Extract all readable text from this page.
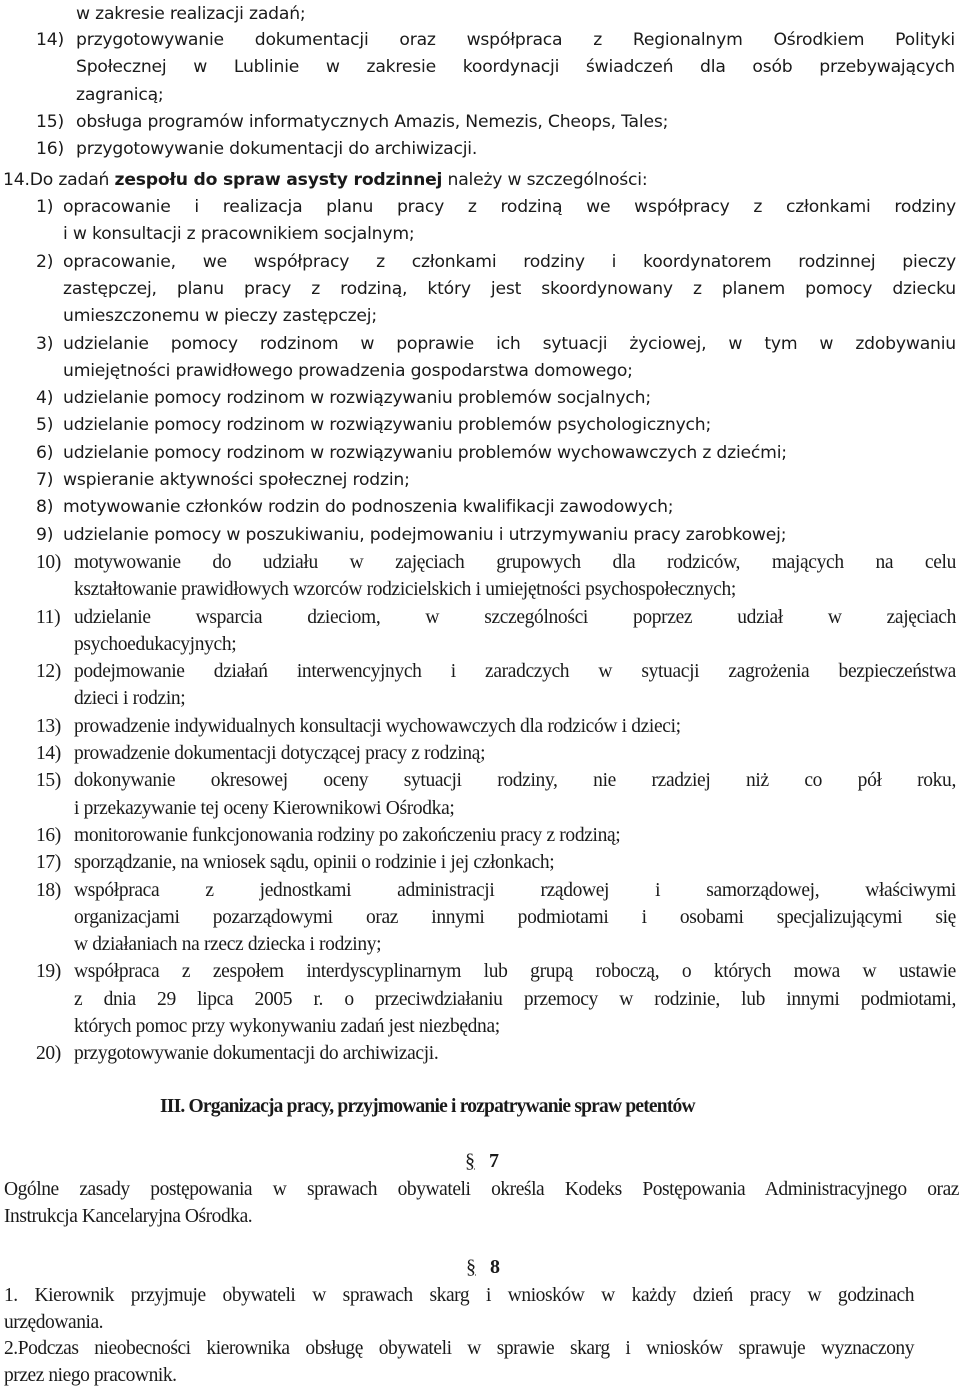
w zakresie realizacji zadań;
14) przygotowywanie dokumentacji oraz współpraca z Regionalnym Ośrodkiem Polityki
Społecznej w Lublinie w zakresie koordynacji świadczeń dla osób przebywających
zagranicą;
15) obsługa programów informatycznych Amazis, Nemezis, Cheops, Tales;
16) przygotowywanie dokumentacji do archiwizacji.
14.Do zadań zespołu do spraw asysty rodzinnej należy w szczególności:
1) opracowanie i realizacja planu pracy z rodziną we współpracy z członkami rodziny
i w konsultacji z pracownikiem socjalnym;
2) opracowanie, we współpracy z członkami rodziny i koordynatorem rodzinnej pieczy
zastępczej, planu pracy z rodziną, który jest skoordynowany z planem pomocy dziecku
umieszczonemu w pieczy zastępczej;
3) udzielanie pomocy rodzinom w poprawie ich sytuacji życiowej, w tym w zdobywaniu
umiejętności prawidłowego prowadzenia gospodarstwa domowego;
4) udzielanie pomocy rodzinom w rozwiązywaniu problemów socjalnych;
5) udzielanie pomocy rodzinom w rozwiązywaniu problemów psychologicznych;
6) udzielanie pomocy rodzinom w rozwiązywaniu problemów wychowawczych z dziećmi;
7) wspieranie aktywności społecznej rodzin;
8) motywowanie członków rodzin do podnoszenia kwalifikacji zawodowych;
9) udzielanie pomocy w poszukiwaniu, podejmowaniu i utrzymywaniu pracy zarobkowej;
10) motywowanie do udziału w zajęciach grupowych dla rodziców, mających na celu
kształtowanie prawidłowych wzorców rodzicielskich i umiejętności psychospołecznych;
11) udzielanie wsparcia dzieciom, w szczególności poprzez udział w zajęciach
psychoedukacyjnych;
12) podejmowanie działań interwencyjnych i zaradczych w sytuacji zagrożenia bezpieczeństwa
dzieci i rodzin;
13) prowadzenie indywidualnych konsultacji wychowawczych dla rodziców i dzieci;
14) prowadzenie dokumentacji dotyczącej pracy z rodziną;
15) dokonywanie okresowej oceny sytuacji rodziny, nie rzadziej niż co pół roku,
i przekazywanie tej oceny Kierownikowi Ośrodka;
16) monitorowanie funkcjonowania rodziny po zakończeniu pracy z rodziną;
17) sporządzanie, na wniosek sądu, opinii o rodzinie i jej członkach;
18) współpraca z jednostkami administracji rządowej i samorządowej, właściwymi
organizacjami pozarządowymi oraz innymi podmiotami i osobami specjalizującymi się
w działaniach na rzecz dziecka i rodziny;
19) współpraca z zespołem interdyscyplinarnym lub grupą roboczą, o których mowa w ustawie
z dnia 29 lipca 2005 r. o przeciwdziałaniu przemocy w rodzinie, lub innymi podmiotami,
których pomoc przy wykonywaniu zadań jest niezbędna;
20) przygotowywanie dokumentacji do archiwizacji.
III. Organizacja pracy, przyjmowanie i rozpatrywanie spraw petentów
§ 7
Ogólne zasady postępowania w sprawach obywateli określa Kodeks Postępowania Administracyjnego oraz
Instrukcja Kancelaryjna Ośrodka.
§ 8
1. Kierownik przyjmuje obywateli w sprawach skarg i wniosków w każdy dzień pracy w godzinach
urzędowania.
2.Podczas nieobecności kierownika obsługę obywateli w sprawie skarg i wniosków sprawuje wyznaczony
przez niego pracownik.
